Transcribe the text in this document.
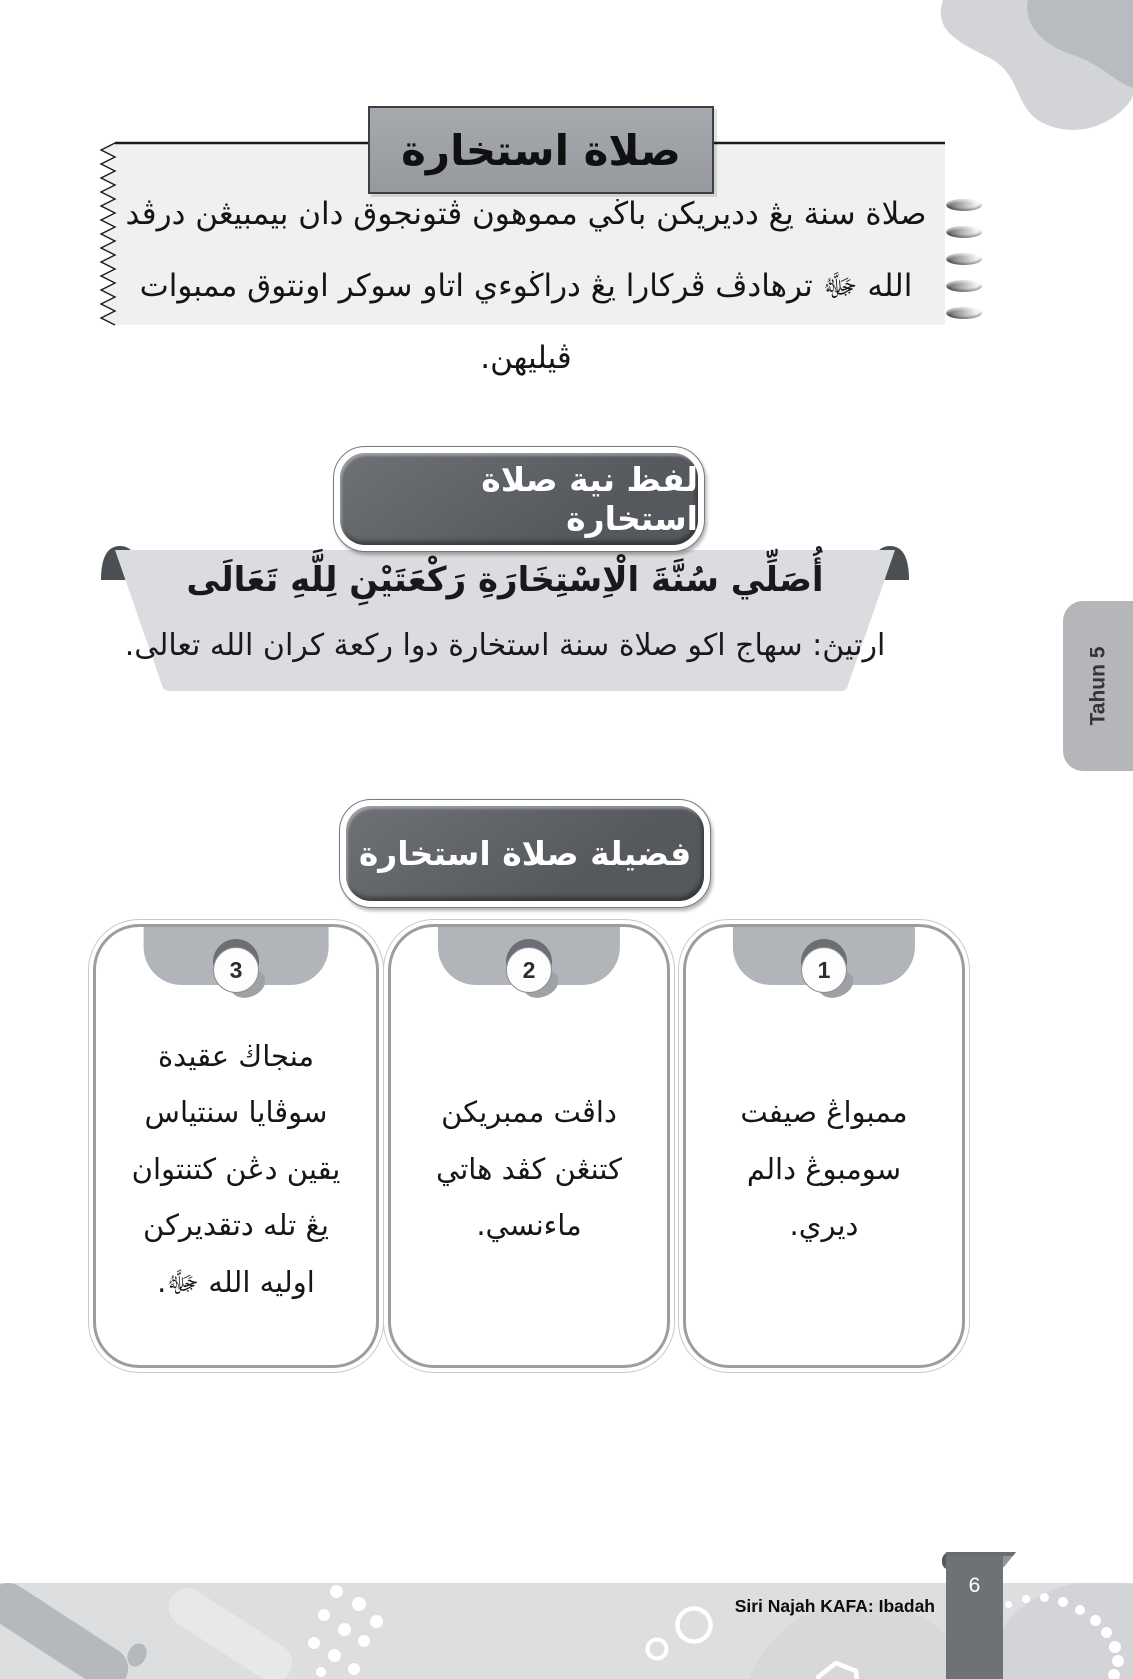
صلاة سنة يڠ دديريكن باڬي مموهون ڤتونجوق دان بيمبيڠن درڤد الله ﷻ ترهادڤ ڤركارا يڠ دراڬوءي اتاو سوكر اونتوق ممبوات ڤيليهن.
صلاة استخارة
لفظ نية صلاة استخارة
أُصَلِّي سُنَّةَ الْاِسْتِخَارَةِ رَكْعَتَيْنِ لِلَّهِ تَعَالَى
ارتيڽ: سهاج اكو صلاة سنة استخارة دوا ركعة كران الله تعالى.
فضيلة صلاة استخارة
1
ممبواڠ صيفت سومبوڠ دالم ديري.
2
داڤت ممبريكن كتنڠن كڤد هاتي ماءنسي.
3
منجاڬ عقيدة سوڤايا سنتياس يقين دڠن كتنتوان يڠ تله دتقديركن اوليه الله ﷻ.
Tahun 5
Siri Najah KAFA: Ibadah
6
